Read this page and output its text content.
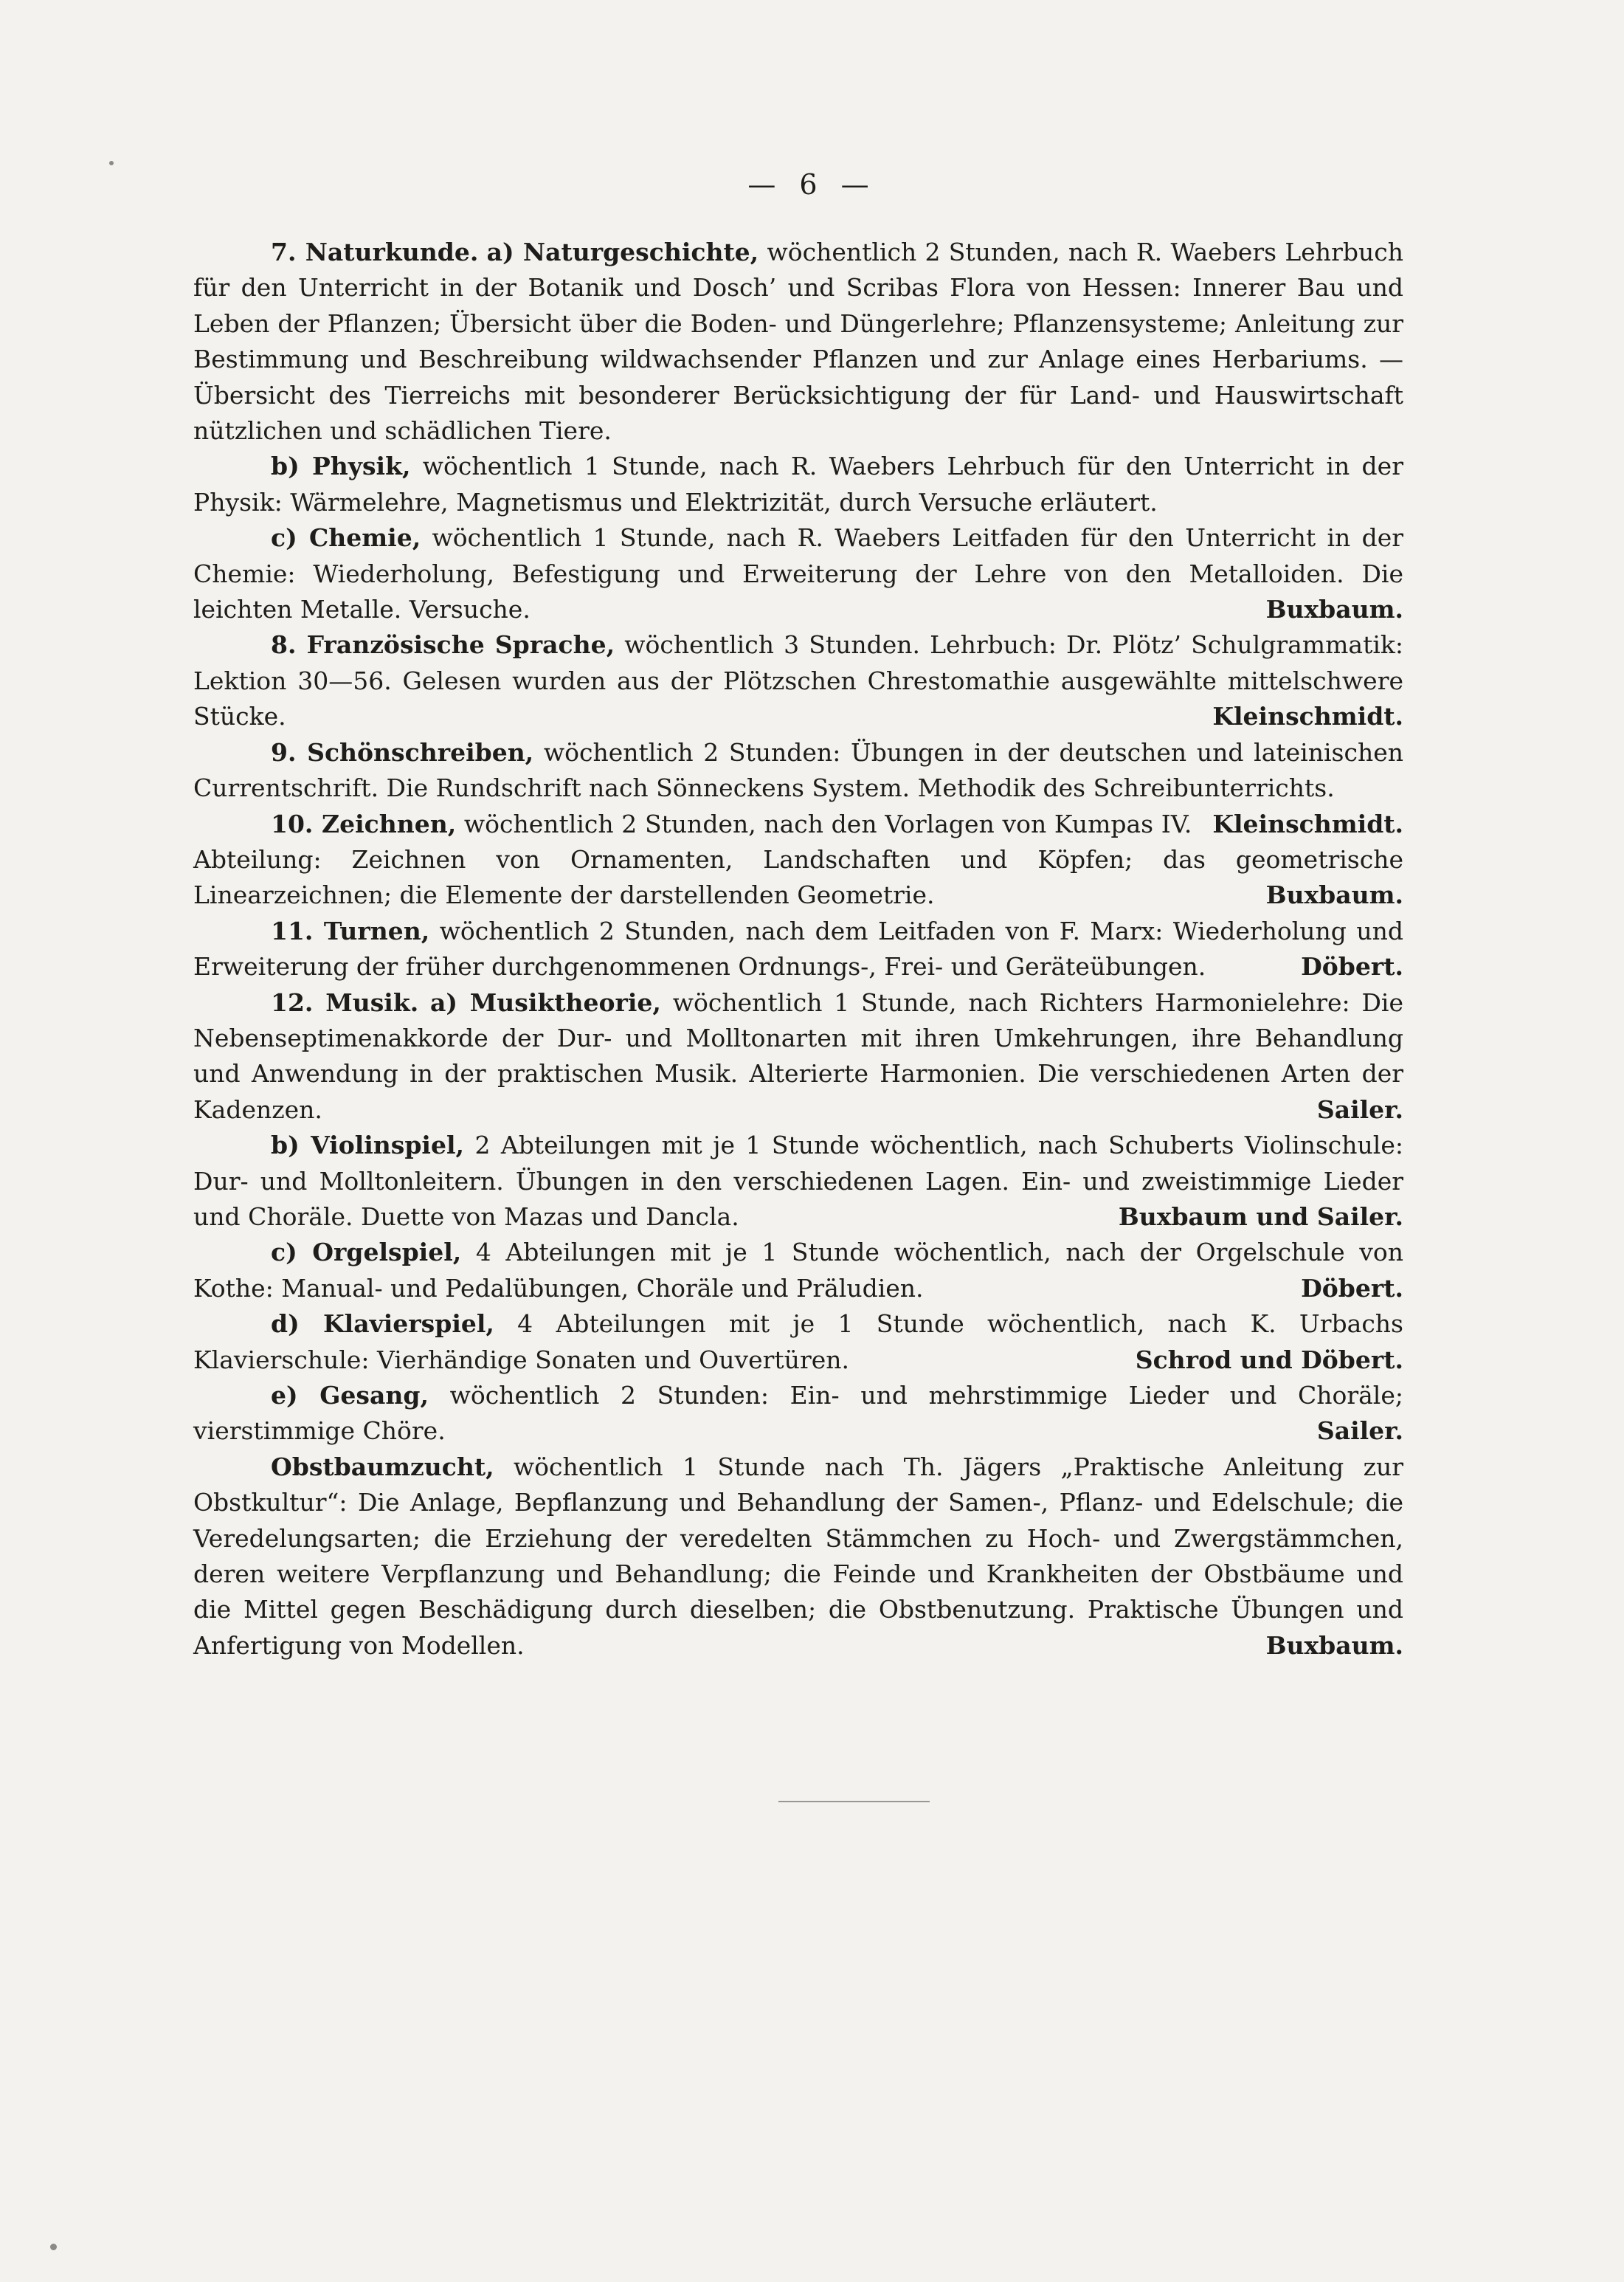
— 6 —

7. Naturkunde. a) Naturgeschichte, wöchentlich 2 Stunden, nach R. Waebers Lehrbuch für den Unterricht in der Botanik und Dosch’ und Scribas Flora von Hessen: Innerer Bau und Leben der Pflanzen; Übersicht über die Boden- und Düngerlehre; Pflanzensysteme; Anleitung zur Bestimmung und Beschreibung wildwachsender Pflanzen und zur Anlage eines Herbariums. — Übersicht des Tierreichs mit besonderer Berücksichtigung der für Land- und Hauswirtschaft nützlichen und schädlichen Tiere.

b) Physik, wöchentlich 1 Stunde, nach R. Waebers Lehrbuch für den Unterricht in der Physik: Wärmelehre, Magnetismus und Elektrizität, durch Versuche erläutert.

c) Chemie, wöchentlich 1 Stunde, nach R. Waebers Leitfaden für den Unterricht in der Chemie: Wiederholung, Befestigung und Erweiterung der Lehre von den Metalloiden. Die leichten Metalle. Versuche.	Buxbaum.

8. Französische Sprache, wöchentlich 3 Stunden. Lehrbuch: Dr. Plötz’ Schulgrammatik: Lektion 30—56. Gelesen wurden aus der Plötzschen Chrestomathie ausgewählte mittelschwere Stücke.	Kleinschmidt.

9. Schönschreiben, wöchentlich 2 Stunden: Übungen in der deutschen und lateinischen Currentschrift. Die Rundschrift nach Sönneckens System. Methodik des Schreibunterrichts.
Kleinschmidt.

10. Zeichnen, wöchentlich 2 Stunden, nach den Vorlagen von Kumpas IV. Abteilung: Zeichnen von Ornamenten, Landschaften und Köpfen; das geometrische Linearzeichnen; die Elemente der darstellenden Geometrie.	Buxbaum.

11. Turnen, wöchentlich 2 Stunden, nach dem Leitfaden von F. Marx: Wiederholung und Erweiterung der früher durchgenommenen Ordnungs-, Frei- und Geräteübungen.	Döbert.

12. Musik. a) Musiktheorie, wöchentlich 1 Stunde, nach Richters Harmonielehre: Die Nebenseptimenakkorde der Dur- und Molltonarten mit ihren Umkehrungen, ihre Behandlung und Anwendung in der praktischen Musik. Alterierte Harmonien. Die verschiedenen Arten der Kadenzen.	Sailer.

b) Violinspiel, 2 Abteilungen mit je 1 Stunde wöchentlich, nach Schuberts Violinschule: Dur- und Molltonleitern. Übungen in den verschiedenen Lagen. Ein- und zweistimmige Lieder und Choräle. Duette von Mazas und Dancla.	Buxbaum und Sailer.

c) Orgelspiel, 4 Abteilungen mit je 1 Stunde wöchentlich, nach der Orgelschule von Kothe: Manual- und Pedalübungen, Choräle und Präludien.	Döbert.

d) Klavierspiel, 4 Abteilungen mit je 1 Stunde wöchentlich, nach K. Urbachs Klavierschule: Vierhändige Sonaten und Ouvertüren.	Schrod und Döbert.

e) Gesang, wöchentlich 2 Stunden: Ein- und mehrstimmige Lieder und Choräle; vierstimmige Chöre.	Sailer.

Obstbaumzucht, wöchentlich 1 Stunde nach Th. Jägers „Praktische Anleitung zur Obstkultur“: Die Anlage, Bepflanzung und Behandlung der Samen-, Pflanz- und Edelschule; die Veredelungsarten; die Erziehung der veredelten Stämmchen zu Hoch- und Zwergstämmchen, deren weitere Verpflanzung und Behandlung; die Feinde und Krankheiten der Obstbäume und die Mittel gegen Beschädigung durch dieselben; die Obstbenutzung. Praktische Übungen und Anfertigung von Modellen.	Buxbaum.
